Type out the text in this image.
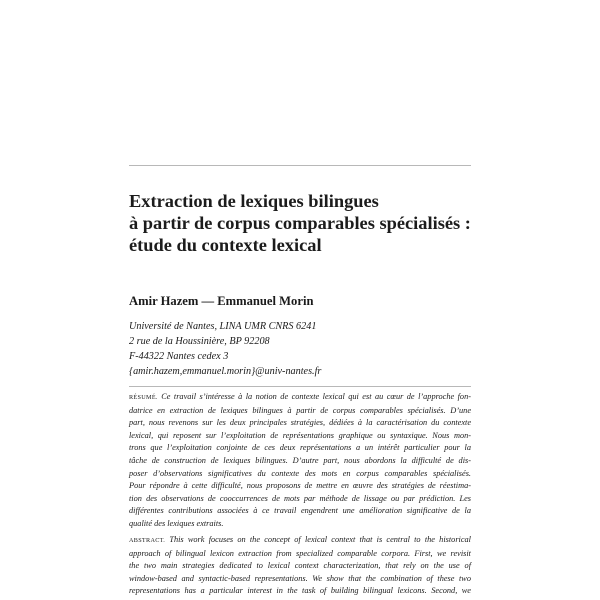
Extraction de lexiques bilingues
à partir de corpus comparables spécialisés :
étude du contexte lexical
Amir Hazem — Emmanuel Morin
Université de Nantes, LINA UMR CNRS 6241
2 rue de la Houssinière, BP 92208
F-44322 Nantes cedex 3
{amir.hazem,emmanuel.morin}@univ-nantes.fr
RÉSUMÉ. Ce travail s’intéresse à la notion de contexte lexical qui est au cœur de l’approche fon-
datrice en extraction de lexiques bilingues à partir de corpus comparables spécialisés. D’une
part, nous revenons sur les deux principales stratégies, dédiées à la caractérisation du contexte
lexical, qui reposent sur l’exploitation de représentations graphique ou syntaxique. Nous mon-
trons que l’exploitation conjointe de ces deux représentations a un intérêt particulier pour la
tâche de construction de lexiques bilingues. D’autre part, nous abordons la difficulté de dis-
poser d’observations significatives du contexte des mots en corpus comparables spécialisés.
Pour répondre à cette difficulté, nous proposons de mettre en œuvre des stratégies de réestima-
tion des observations de cooccurrences de mots par méthode de lissage ou par prédiction. Les
différentes contributions associées à ce travail engendrent une amélioration significative de la
qualité des lexiques extraits.
ABSTRACT. This work focuses on the concept of lexical context that is central to the historical
approach of bilingual lexicon extraction from specialized comparable corpora. First, we revisit
the two main strategies dedicated to lexical context characterization, that rely on the use of
window-based and syntactic-based representations. We show that the combination of these two
representations has a particular interest in the task of building bilingual lexicons. Second, we
